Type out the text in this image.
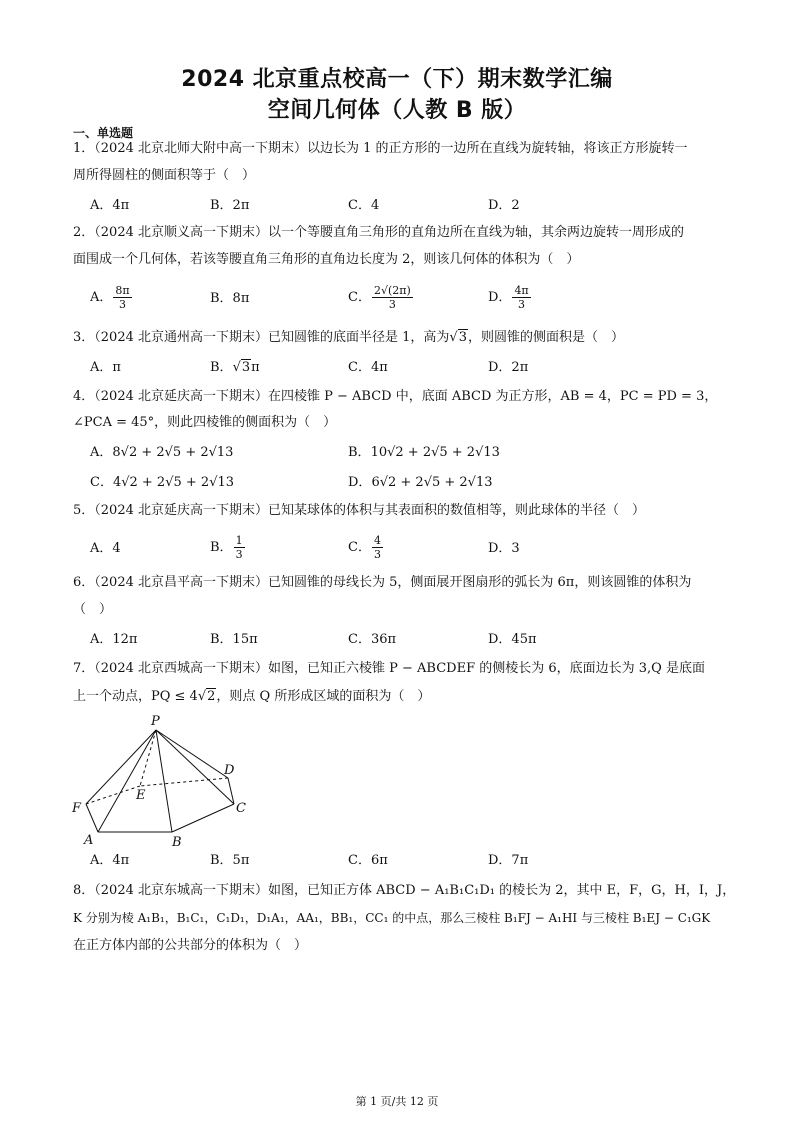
2024 北京重点校高一（下）期末数学汇编
空间几何体（人教 B 版）
一、单选题
1．（2024 北京北师大附中高一下期末）以边长为 1 的正方形的一边所在直线为旋转轴，将该正方形旋转一
周所得圆柱的侧面积等于（　）
A．4π	B．2π	C．4	D．2
2．（2024 北京顺义高一下期末）以一个等腰直角三角形的直角边所在直线为轴，其余两边旋转一周形成的
面围成一个几何体，若该等腰直角三角形的直角边长度为 2，则该几何体的体积为（　）
A． $\frac{8\pi}{3}$	B．8π	C． $\frac{2√(2\pi)}{3}$	D． $\frac{4\pi}{3}$
3．（2024 北京通州高一下期末）已知圆锥的底面半径是 1，高为√3，则圆锥的侧面积是（　）
A．π	B．√3π	C．4π	D．2π
4．（2024 北京延庆高一下期末）在四棱锥 P − ABCD 中，底面 ABCD 为正方形，AB = 4，PC = PD = 3，
∠PCA = 45°，则此四棱锥的侧面积为（　）
A．8√2 + 2√5 + 2√13	B．10√2 + 2√5 + 2√13
C．4√2 + 2√5 + 2√13	D．6√2 + 2√5 + 2√13
5．（2024 北京延庆高一下期末）已知某球体的体积与其表面积的数值相等，则此球体的半径（　）
A．4	B． $\frac{1}{3}$	C． $\frac{4}{3}$	D．3
6．（2024 北京昌平高一下期末）已知圆锥的母线长为 5，侧面展开图扇形的弧长为 6π，则该圆锥的体积为
（　）
A．12π	B．15π	C．36π	D．45π
7．（2024 北京西城高一下期末）如图，已知正六棱锥 P − ABCDEF 的侧棱长为 6，底面边长为 3,Q 是底面
上一个动点，PQ ≤ 4√2，则点 Q 所形成区域的面积为（　）
P
D
E
F	C
A	B
A．4π	B．5π	C．6π	D．7π
8．（2024 北京东城高一下期末）如图，已知正方体 ABCD − A₁B₁C₁D₁ 的棱长为 2，其中 E，F，G，H，I，J，
K 分别为棱 A₁B₁，B₁C₁，C₁D₁，D₁A₁，AA₁，BB₁，CC₁ 的中点，那么三棱柱 B₁FJ − A₁HI 与三棱柱 B₁EJ − C₁GK
在正方体内部的公共部分的体积为（　）
第 1 页/共 12 页
